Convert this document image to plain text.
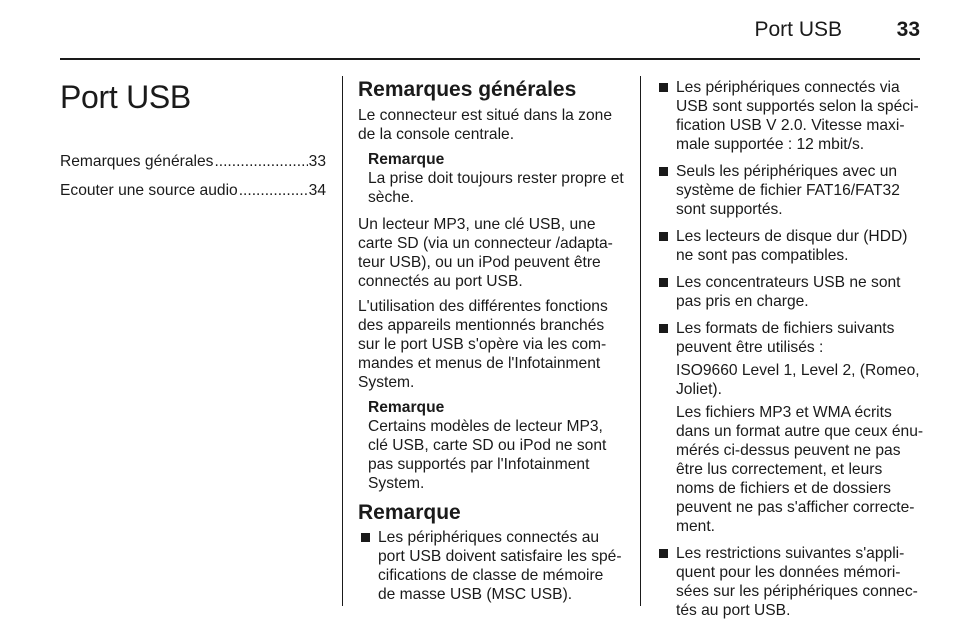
Port USB	33
Port USB
Remarques générales .....	33
Ecouter une source audio .....	34
Remarques générales

Le connecteur est situé dans la zone de la console centrale.

Remarque
La prise doit toujours rester propre et sèche.

Un lecteur MP3, une clé USB, une carte SD (via un connecteur /adapta-teur USB), ou un iPod peuvent être connectés au port USB.

L'utilisation des différentes fonctions des appareils mentionnés branchés sur le port USB s'opère via les com-mandes et menus de l'Infotainment System.

Remarque
Certains modèles de lecteur MP3, clé USB, carte SD ou iPod ne sont pas supportés par l'Infotainment System.
Remarque
Les périphériques connectés au port USB doivent satisfaire les spé-cifications de classe de mémoire de masse USB (MSC USB).
Les périphériques connectés via USB sont supportés selon la spéci-fication USB V 2.0. Vitesse maxi-male supportée : 12 mbit/s.
Seuls les périphériques avec un système de fichier FAT16/FAT32 sont supportés.
Les lecteurs de disque dur (HDD) ne sont pas compatibles.
Les concentrateurs USB ne sont pas pris en charge.
Les formats de fichiers suivants peuvent être utilisés :
ISO9660 Level 1, Level 2, (Romeo, Joliet).
Les fichiers MP3 et WMA écrits dans un format autre que ceux énu-mérés ci-dessus peuvent ne pas être lus correctement, et leurs noms de fichiers et de dossiers peuvent ne pas s'afficher correcte-ment.
Les restrictions suivantes s'appli-quent pour les données mémori-sées sur les périphériques connec-tés au port USB.
